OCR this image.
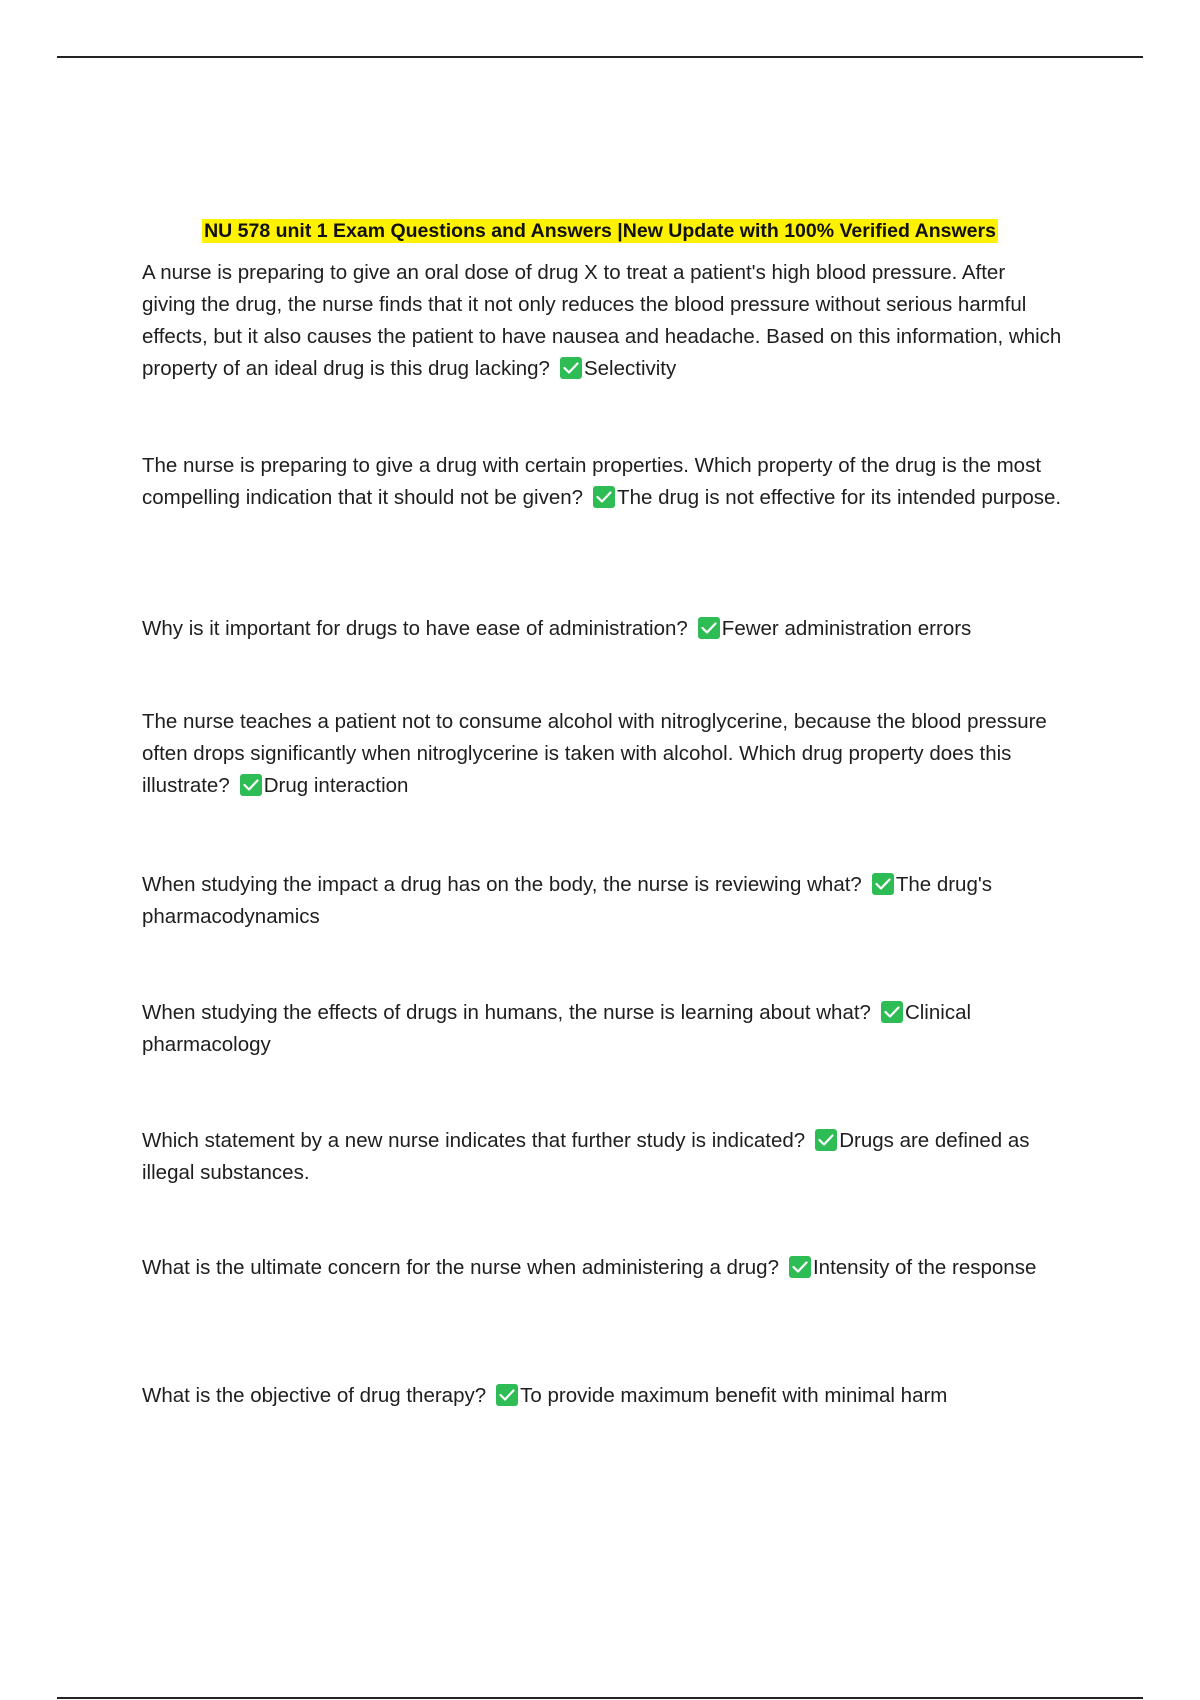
NU 578 unit 1 Exam Questions and Answers |New Update with 100% Verified Answers

A nurse is preparing to give an oral dose of drug X to treat a patient's high blood pressure. After giving the drug, the nurse finds that it not only reduces the blood pressure without serious harmful effects, but it also causes the patient to have nausea and headache. Based on this information, which property of an ideal drug is this drug lacking? Selectivity

The nurse is preparing to give a drug with certain properties. Which property of the drug is the most compelling indication that it should not be given? The drug is not effective for its intended purpose.

Why is it important for drugs to have ease of administration? Fewer administration errors

The nurse teaches a patient not to consume alcohol with nitroglycerine, because the blood pressure often drops significantly when nitroglycerine is taken with alcohol. Which drug property does this illustrate? Drug interaction

When studying the impact a drug has on the body, the nurse is reviewing what? The drug's pharmacodynamics

When studying the effects of drugs in humans, the nurse is learning about what? Clinical pharmacology

Which statement by a new nurse indicates that further study is indicated? Drugs are defined as illegal substances.

What is the ultimate concern for the nurse when administering a drug? Intensity of the response

What is the objective of drug therapy? To provide maximum benefit with minimal harm
